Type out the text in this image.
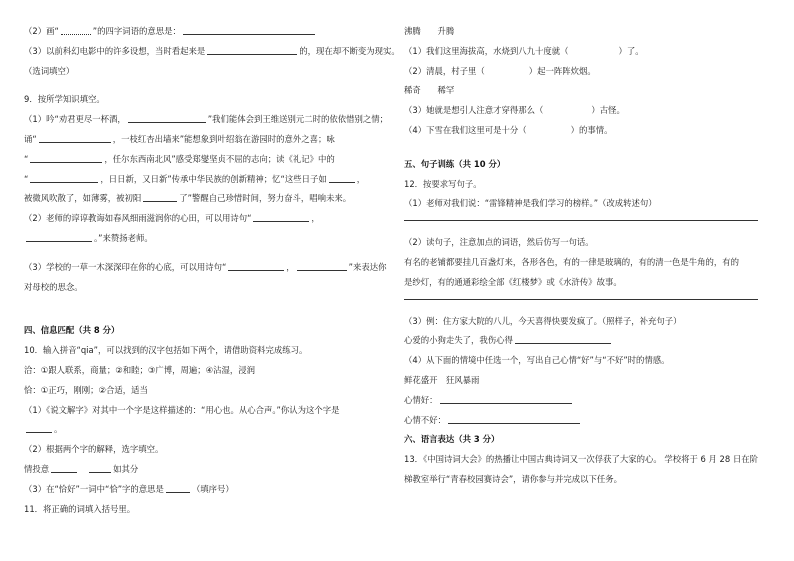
（2）画“	”的四字词语的意思是：
（3）以前科幻电影中的许多设想，当时看起来是	的，现在却不断变为现实。
（选词填空）
9．按所学知识填空。
（1）吟“劝君更尽一杯酒，	”我们能体会到王维送别元二时的依依惜别之情；
诵“	，一枝红杏出墙来”能想象到叶绍翁在游园时的意外之喜；咏
“	，任尔东西南北风”感受郑燮坚贞不屈的志向；读《礼记》中的
“	，日日新，又日新”传承中华民族的创新精神；忆“这些日子如	，
被微风吹散了，如薄雾，被初阳	了”警醒自己珍惜时间，努力奋斗，唱响未来。
（2）老师的谆谆教诲如春风细雨滋润你的心田，可以用诗句“	，
。”来赞扬老师。
（3）学校的一草一木深深印在你的心底，可以用诗句“	，	”来表达你
对母校的思念。
四、信息匹配（共 8 分）
10．输入拼音“qia”，可以找到的汉字包括如下两个，请借助资料完成练习。
洽：①跟人联系，商量；②和睦；③广博，周遍；④沾湿，浸润
恰：①正巧，刚刚；②合适，适当
（1）《说文解字》对其中一个字是这样描述的：“用心也。从心合声。”你认为这个字是
。
（2）根据两个字的解释，选字填空。
情投意	如其分
（3）在“恰好”一词中“恰”字的意思是	（填序号）
11．将正确的词填入括号里。
沸腾　　升腾
（1）我们这里海拔高，水烧到八九十度就（	）了。
（2）清晨，村子里（	）起一阵阵炊烟。
稀奇　　稀罕
（3）她就是想引人注意才穿得那么（	）古怪。
（4）下雪在我们这里可是十分（	）的事情。
五、句子训练（共 10 分）
12．按要求写句子。
（1）老师对我们说：“雷锋精神是我们学习的榜样。”（改成转述句）
（2）读句子，注意加点的词语，然后仿写一句话。
有名的老铺都要挂几百盏灯来，各形各色，有的一律是玻璃的，有的清一色是牛角的，有的
是纱灯，有的通通彩绘全部《红楼梦》或《水浒传》故事。
（3）例：住方家大院的八儿，今天喜得快要发疯了。（照样子，补充句子）
心爱的小狗走失了，我伤心得
（4）从下面的情境中任选一个，写出自己心情“好”与“不好”时的情感。
鲜花盛开　狂风暴雨
心情好：
心情不好：
六、语言表达（共 3 分）
13．《中国诗词大会》的热播让中国古典诗词又一次俘获了大家的心。 学校将于 6 月 28 日在阶
梯教室举行“青春校园赛诗会”，请你参与并完成以下任务。
